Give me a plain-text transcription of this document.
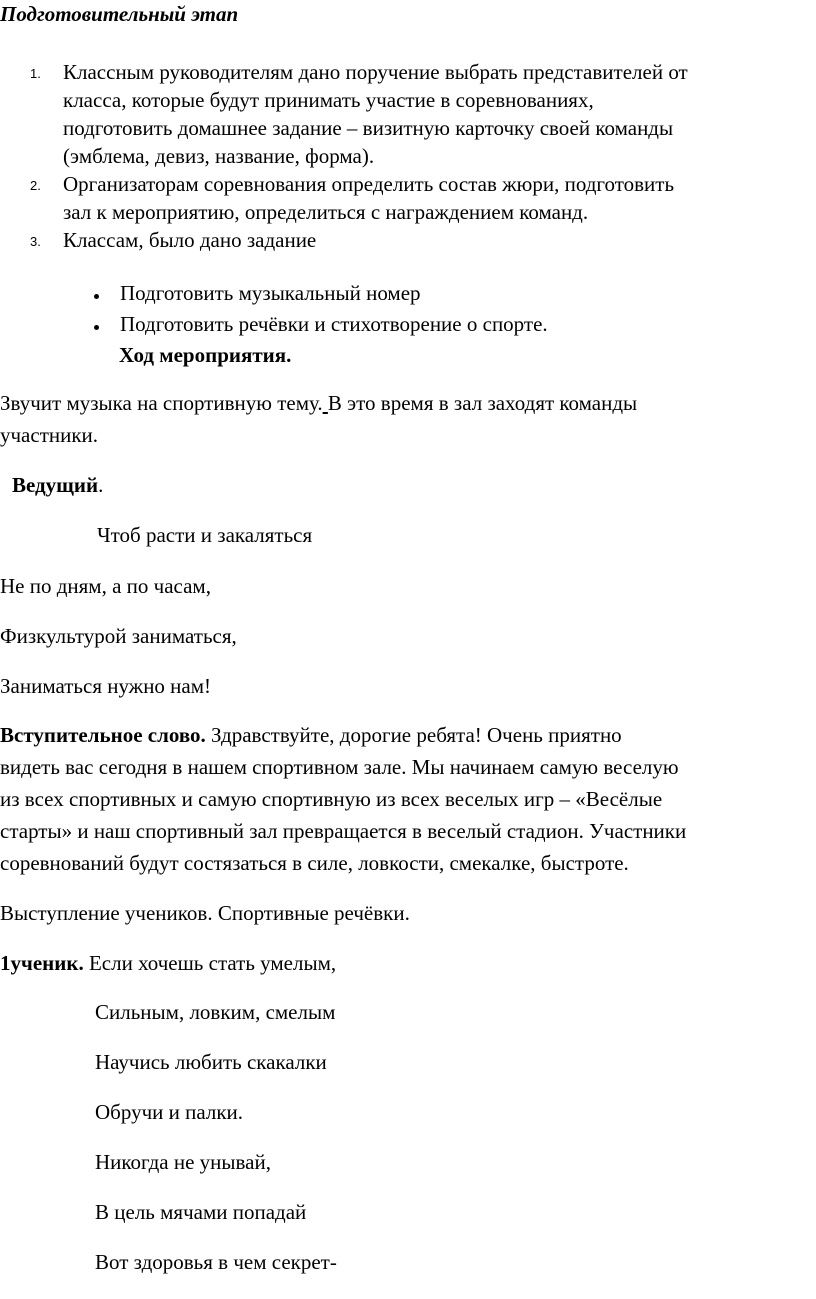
Подготовительный этап
1. Классным руководителям дано поручение выбрать представителей от
класса, которые будут принимать участие в соревнованиях,
подготовить домашнее задание – визитную карточку своей команды
(эмблема, девиз, название, форма).
2. Организаторам соревнования определить состав жюри, подготовить
зал к мероприятию, определиться с награждением команд.
3. Классам, было дано задание
Подготовить музыкальный номер
Подготовить речёвки и стихотворение о спорте.
Ход мероприятия.
Звучит музыка на спортивную тему. В это время в зал заходят команды
участники.
Ведущий.
Чтоб расти и закаляться
Не по дням, а по часам,
Физкультурой заниматься,
Заниматься нужно нам!
Вступительное слово. Здравствуйте, дорогие ребята! Очень приятно
видеть вас сегодня в нашем спортивном зале. Мы начинаем самую веселую
из всех спортивных и самую спортивную из всех веселых игр – «Весёлые
старты» и наш спортивный зал превращается в веселый стадион. Участники
соревнований будут состязаться в силе, ловкости, смекалке, быстроте.
Выступление учеников. Спортивные речёвки.
1ученик. Если хочешь стать умелым,
Сильным, ловким, смелым
Научись любить скакалки
Обручи и палки.
Никогда не унывай,
В цель мячами попадай
Вот здоровья в чем секрет-
